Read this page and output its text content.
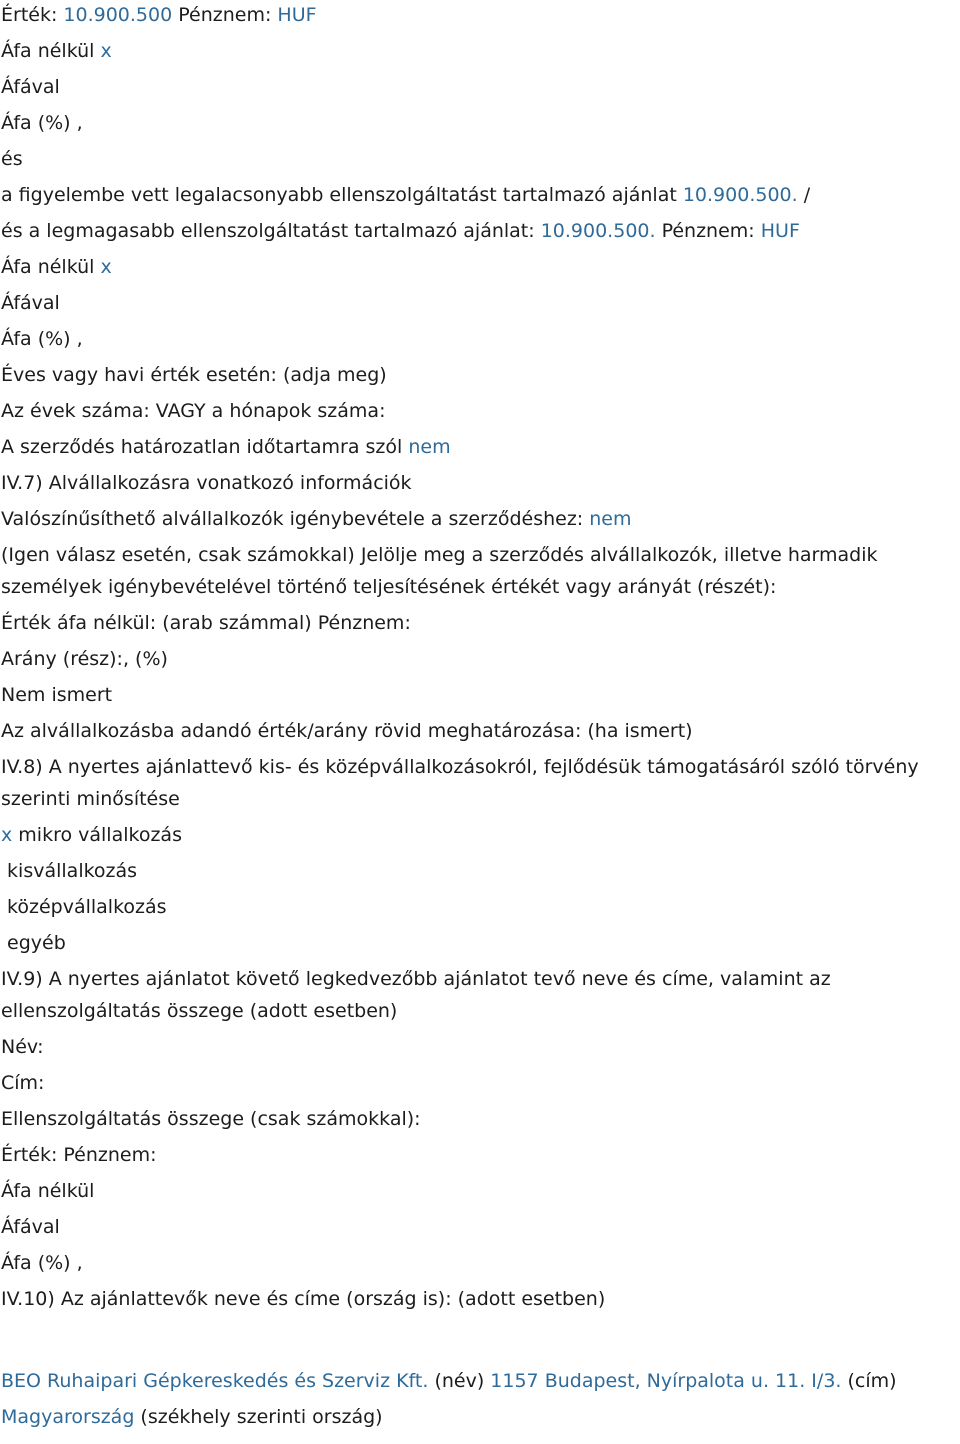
Érték: 10.900.500 Pénznem: HUF
Áfa nélkül x
Áfával
Áfa (%) ,
és
a figyelembe vett legalacsonyabb ellenszolgáltatást tartalmazó ajánlat 10.900.500. /
és a legmagasabb ellenszolgáltatást tartalmazó ajánlat: 10.900.500. Pénznem: HUF
Áfa nélkül x
Áfával
Áfa (%) ,
Éves vagy havi érték esetén: (adja meg)
Az évek száma: VAGY a hónapok száma:
A szerződés határozatlan időtartamra szól nem
IV.7) Alvállalkozásra vonatkozó információk
Valószínűsíthető alvállalkozók igénybevétele a szerződéshez: nem
(Igen válasz esetén, csak számokkal) Jelölje meg a szerződés alvállalkozók, illetve harmadik
személyek igénybevételével történő teljesítésének értékét vagy arányát (részét):
Érték áfa nélkül: (arab számmal) Pénznem:
Arány (rész):, (%)
Nem ismert
Az alvállalkozásba adandó érték/arány rövid meghatározása: (ha ismert)
IV.8) A nyertes ajánlattevő kis- és középvállalkozásokról, fejlődésük támogatásáról szóló törvény
szerinti minősítése
x mikro vállalkozás
kisvállalkozás
középvállalkozás
egyéb
IV.9) A nyertes ajánlatot követő legkedvezőbb ajánlatot tevő neve és címe, valamint az
ellenszolgáltatás összege (adott esetben)
Név:
Cím:
Ellenszolgáltatás összege (csak számokkal):
Érték: Pénznem:
Áfa nélkül
Áfával
Áfa (%) ,
IV.10) Az ajánlattevők neve és címe (ország is): (adott esetben)
BEO Ruhaipari Gépkereskedés és Szerviz Kft. (név) 1157 Budapest, Nyírpalota u. 11. I/3. (cím)
Magyarország (székhely szerinti ország)
